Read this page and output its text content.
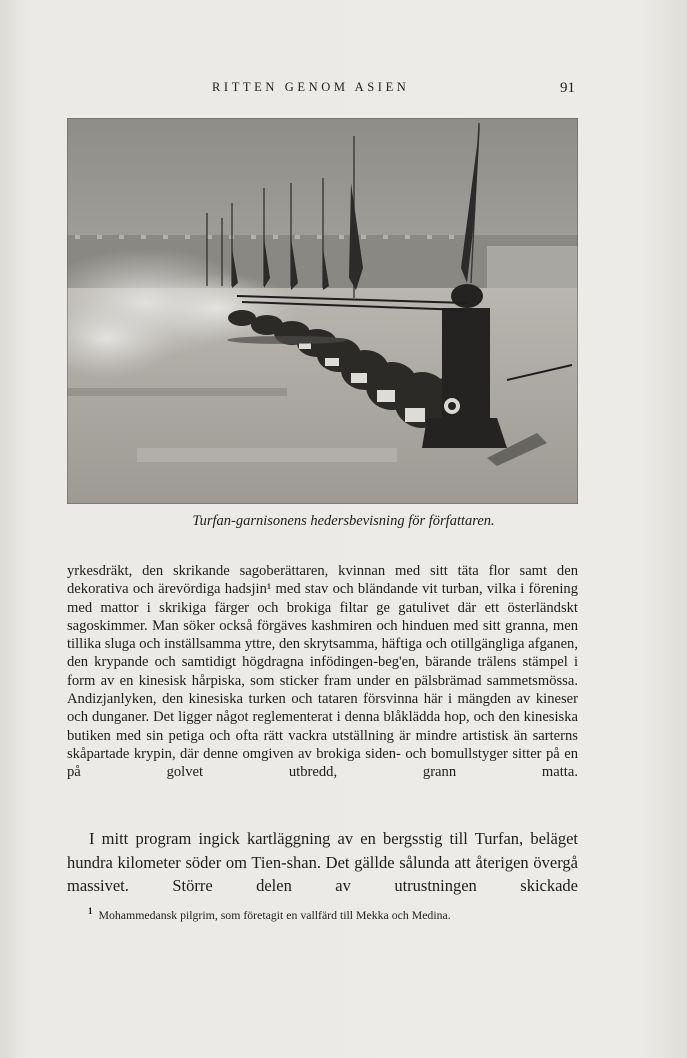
RITTEN GENOM ASIEN	91
Turfan-garnisonens hedersbevisning för författaren.

yrkesdräkt, den skrikande sagoberättaren, kvinnan med sitt täta flor samt den dekorativa och ärevördiga hadsjin¹ med stav och bländande vit turban, vilka i förening med mattor i skrikiga färger och brokiga filtar ge gatulivet där ett österländskt sagoskimmer. Man söker också förgäves kashmiren och hinduen med sitt granna, men tillika sluga och inställsamma yttre, den skrytsamma, häftiga och otillgängliga afganen, den krypande och samtidigt högdragna infödingen-beg'en, bärande trälens stämpel i form av en kinesisk hårpiska, som sticker fram under en pälsbrämad sammetsmössa. Andizjanlyken, den kinesiska turken och tataren försvinna här i mängden av kineser och dunganer. Det ligger något reglementerat i denna blåklädda hop, och den kinesiska butiken med sin petiga och ofta rätt vackra utställning är mindre artistisk än sarterns skåpartade krypin, där denne omgiven av brokiga siden- och bomullstyger sitter på en på golvet utbredd, grann matta.

I mitt program ingick kartläggning av en bergsstig till Turfan, beläget hundra kilometer söder om Tien-shan. Det gällde sålunda att återigen övergå massivet. Större delen av utrustningen skickade

$^1$ Mohammedansk pilgrim, som företagit en vallfärd till Mekka och Medina.
